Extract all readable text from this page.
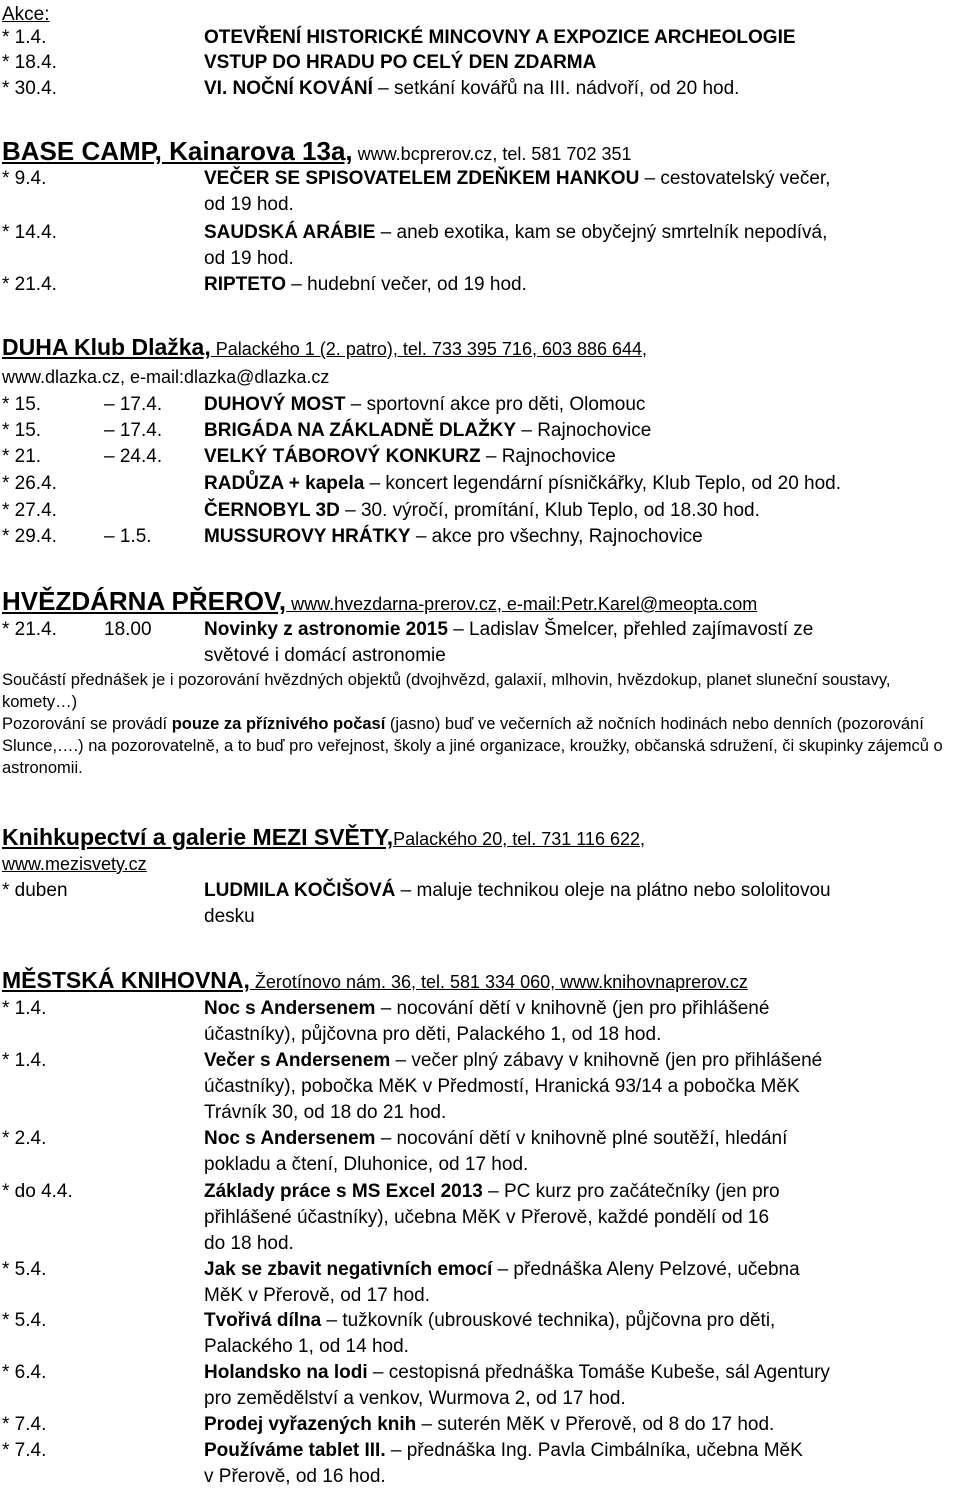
Akce:
* 1.4.	OTEVŘENÍ HISTORICKÉ MINCOVNY A EXPOZICE ARCHEOLOGIE
* 18.4.	VSTUP DO HRADU PO CELÝ DEN ZDARMA
* 30.4.	VI. NOČNÍ KOVÁNÍ – setkání kovářů na III. nádvoří, od 20 hod.
BASE CAMP, Kainarova 13a, www.bcprerov.cz, tel. 581 702 351
* 9.4.	VEČER SE SPISOVATELEM ZDEŇKEM HANKOU – cestovatelský večer,
od 19 hod.
* 14.4.	SAUDSKÁ ARÁBIE – aneb exotika, kam se obyčejný smrtelník nepodívá,
od 19 hod.
* 21.4.	RIPTETO – hudební večer, od 19 hod.
DUHA Klub Dlažka, Palackého 1 (2. patro), tel. 733 395 716, 603 886 644,
www.dlazka.cz, e-mail:dlazka@dlazka.cz
* 15.	– 17.4. DUHOVÝ MOST – sportovní akce pro děti, Olomouc
* 15.	– 17.4. BRIGÁDA NA ZÁKLADNĚ DLAŽKY – Rajnochovice
* 21.	– 24.4. VELKÝ TÁBOROVÝ KONKURZ – Rajnochovice
* 26.4.	RADŮZA + kapela – koncert legendární písničkářky, Klub Teplo, od 20 hod.
* 27.4.	ČERNOBYL 3D – 30. výročí, promítání, Klub Teplo, od 18.30 hod.
* 29.4. – 1.5.	MUSSUROVY HRÁTKY – akce pro všechny, Rajnochovice
HVĚZDÁRNA PŘEROV, www.hvezdarna-prerov.cz, e-mail:Petr.Karel@meopta.com
* 21.4. 18.00	Novinky z astronomie 2015 – Ladislav Šmelcer, přehled zajímavostí ze
světové i domácí astronomie
Součástí přednášek je i pozorování hvězdných objektů (dvojhvězd, galaxií, mlhovin, hvězdokup, planet sluneční soustavy, komety…)
Pozorování se provádí pouze za příznivého počasí (jasno) buď ve večerních až nočních hodinách nebo denních (pozorování Slunce,….) na pozorovatelně, a to buď pro veřejnost, školy a jiné organizace, kroužky, občanská sdružení, či skupinky zájemců o astronomii.
Knihkupectví a galerie MEZI SVĚTY,Palackého 20, tel. 731 116 622,
www.mezisvety.cz
* duben	LUDMILA KOČIŠOVÁ – maluje technikou oleje na plátno nebo sololitovou
desku
MĚSTSKÁ KNIHOVNA, Žerotínovo nám. 36, tel. 581 334 060, www.knihovnaprerov.cz
* 1.4.	Noc s Andersenem – nocování dětí v knihovně (jen pro přihlášené
účastníky), půjčovna pro děti, Palackého 1, od 18 hod.
* 1.4.	Večer s Andersenem – večer plný zábavy v knihovně (jen pro přihlášené
účastníky), pobočka MěK v Předmostí, Hranická 93/14 a pobočka MěK
Trávník 30, od 18 do 21 hod.
* 2.4.	Noc s Andersenem – nocování dětí v knihovně plné soutěží, hledání
pokladu a čtení, Dluhonice, od 17 hod.
* do 4.4.	Základy práce s MS Excel 2013 – PC kurz pro začátečníky (jen pro
přihlášené účastníky), učebna MěK v Přerově, každé pondělí od 16
do 18 hod.
* 5.4.	Jak se zbavit negativních emocí – přednáška Aleny Pelzové, učebna
MěK v Přerově, od 17 hod.
* 5.4.	Tvořivá dílna – tužkovník (ubrouskové technika), půjčovna pro děti,
Palackého 1, od 14 hod.
* 6.4.	Holandsko na lodi – cestopisná přednáška Tomáše Kubeše, sál Agentury
pro zemědělství a venkov, Wurmova 2, od 17 hod.
* 7.4.	Prodej vyřazených knih – suterén MěK v Přerově, od 8 do 17 hod.
* 7.4.	Používáme tablet III. – přednáška Ing. Pavla Cimbálníka, učebna MěK
v Přerově, od 16 hod.
